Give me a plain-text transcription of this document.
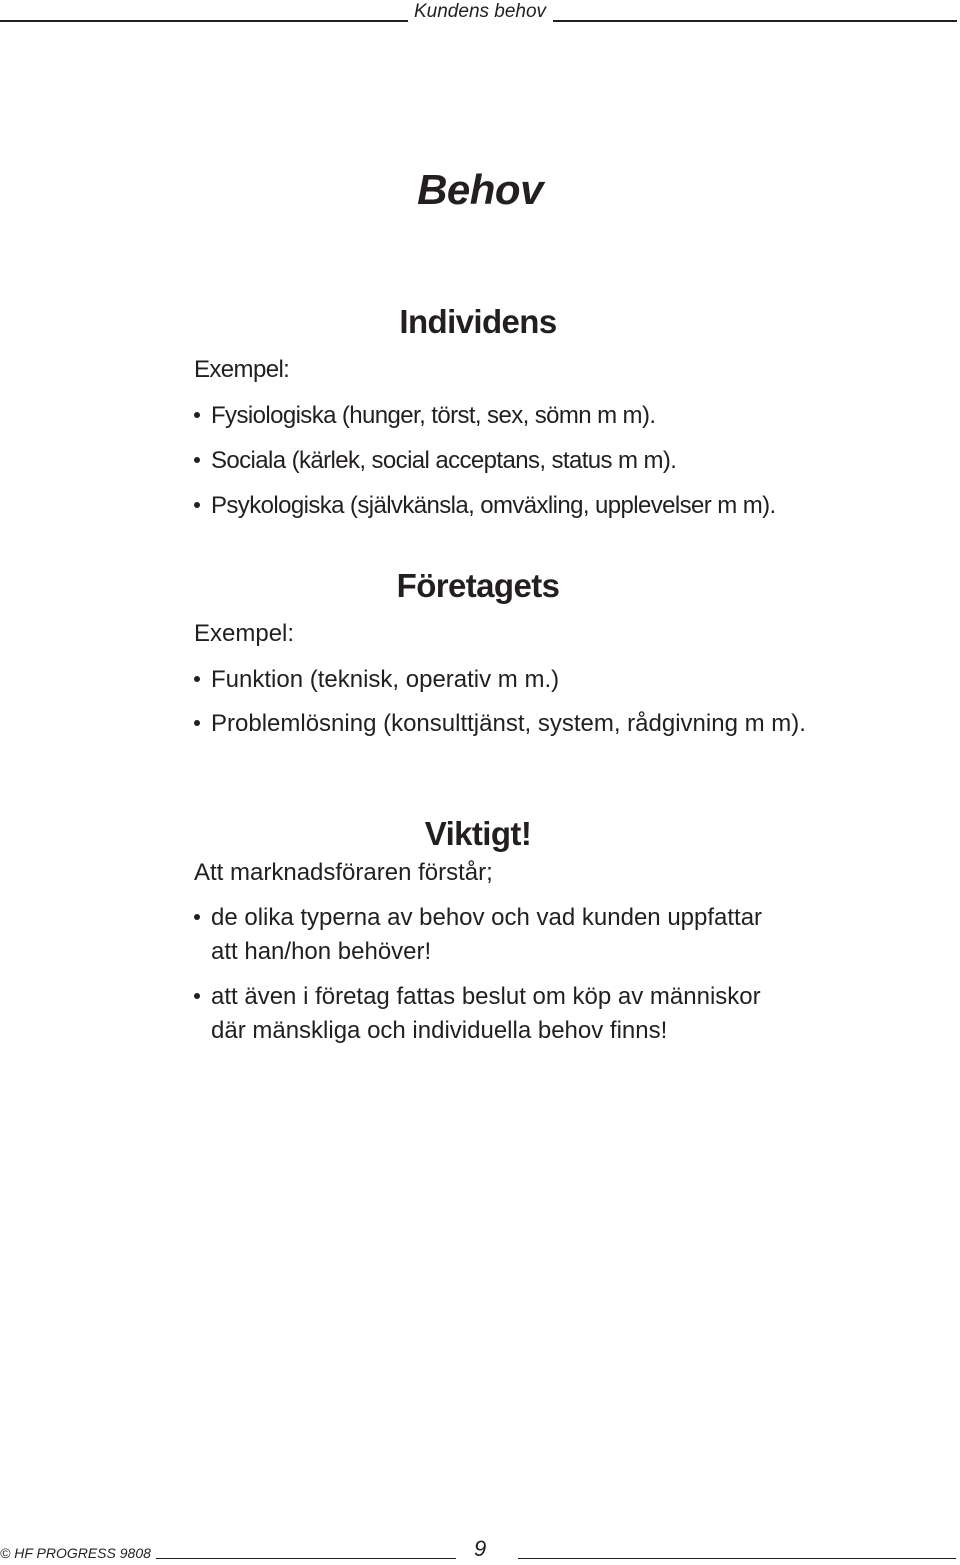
Kundens behov
Behov
Individens
Exempel:
Fysiologiska (hunger, törst, sex, sömn m m).
Sociala (kärlek, social acceptans, status m m).
Psykologiska (självkänsla, omväxling, upplevelser m m).
Företagets
Exempel:
Funktion (teknisk, operativ m m.)
Problemlösning (konsulttjänst, system, rådgivning m m).
Viktigt!
Att marknadsföraren förstår;
de olika typerna av behov och vad kunden uppfattar
att han/hon behöver!
att även i företag fattas beslut om köp av människor
där mänskliga och individuella behov finns!
© HF PROGRESS 9808	9
